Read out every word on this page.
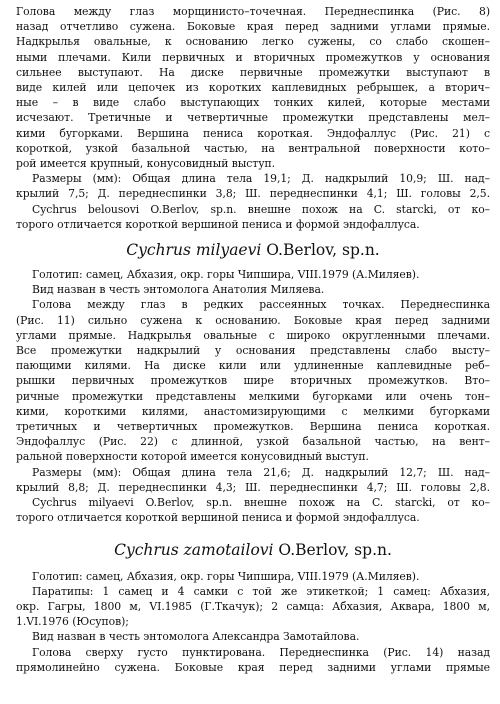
Голова между глаз морщинисто–точечная. Переднеспинка (Рис. 8)
назад отчетливо сужена. Боковые края перед задними углами прямые.
Надкрылья овальные, к основанию легко сужены, со слабо скошен–
ными плечами. Кили первичных и вторичных промежутков у основания
сильнее выступают. На диске первичные промежутки выступают в
виде килей или цепочек из коротких каплевидных ребрышек, а вторич–
ные – в виде слабо выступающих тонких килей, которые местами
исчезают. Третичные и четвертичные промежутки представлены мел–
кими бугорками. Вершина пениса короткая. Эндофаллус (Рис. 21) с
короткой, узкой базальной частью, на вентральной поверхности кото–
рой имеется крупный, конусовидный выступ.
Размеры (мм): Общая длина тела 19,1; Д. надкрылий 10,9; Ш. над–
крылий 7,5; Д. переднеспинки 3,8; Ш. переднеспинки 4,1; Ш. головы 2,5.
Cychrus belousovi O.Berlov, sp.n. внешне похож на C. starcki, от ко–
торого отличается короткой вершиной пениса и формой эндофаллуса.

Cychrus milyaevi O.Berlov, sp.n.

Голотип: самец, Абхазия, окр. горы Чипшира, VIII.1979 (А.Миляев).
Вид назван в честь энтомолога Анатолия Миляева.
Голова между глаз в редких рассеянных точках. Переднеспинка
(Рис. 11) сильно сужена к основанию. Боковые края перед задними
углами прямые. Надкрылья овальные с широко округленными плечами.
Все промежутки надкрылий у основания представлены слабо высту–
пающими килями. На диске кили или удлиненные каплевидные реб–
рышки первичных промежутков шире вторичных промежутков. Вто–
ричные промежутки представлены мелкими бугорками или очень тон–
кими, короткими килями, анастомизирующими с мелкими бугорками
третичных и четвертичных промежутков. Вершина пениса короткая.
Эндофаллус (Рис. 22) с длинной, узкой базальной частью, на вент–
ральной поверхности которой имеется конусовидный выступ.
Размеры (мм): Общая длина тела 21,6; Д. надкрылий 12,7; Ш. над–
крылий 8,8; Д. переднеспинки 4,3; Ш. переднеспинки 4,7; Ш. головы 2,8.
Cychrus milyaevi O.Berlov, sp.n. внешне похож на C. starcki, от ко–
торого отличается короткой вершиной пениса и формой эндофаллуса.

Cychrus zamotailovi O.Berlov, sp.n.

Голотип: самец, Абхазия, окр. горы Чипшира, VIII.1979 (А.Миляев).
Паратипы: 1 самец и 4 самки с той же этикеткой; 1 самец: Абхазия,
окр. Гагры, 1800 м, VI.1985 (Г.Ткачук); 2 самца: Абхазия, Аквара, 1800 м,
1.VI.1976 (Юсупов);
Вид назван в честь энтомолога Александра Замотайлова.
Голова сверху густо пунктирована. Переднеспинка (Рис. 14) назад
прямолинейно сужена. Боковые края перед задними углами прямые
